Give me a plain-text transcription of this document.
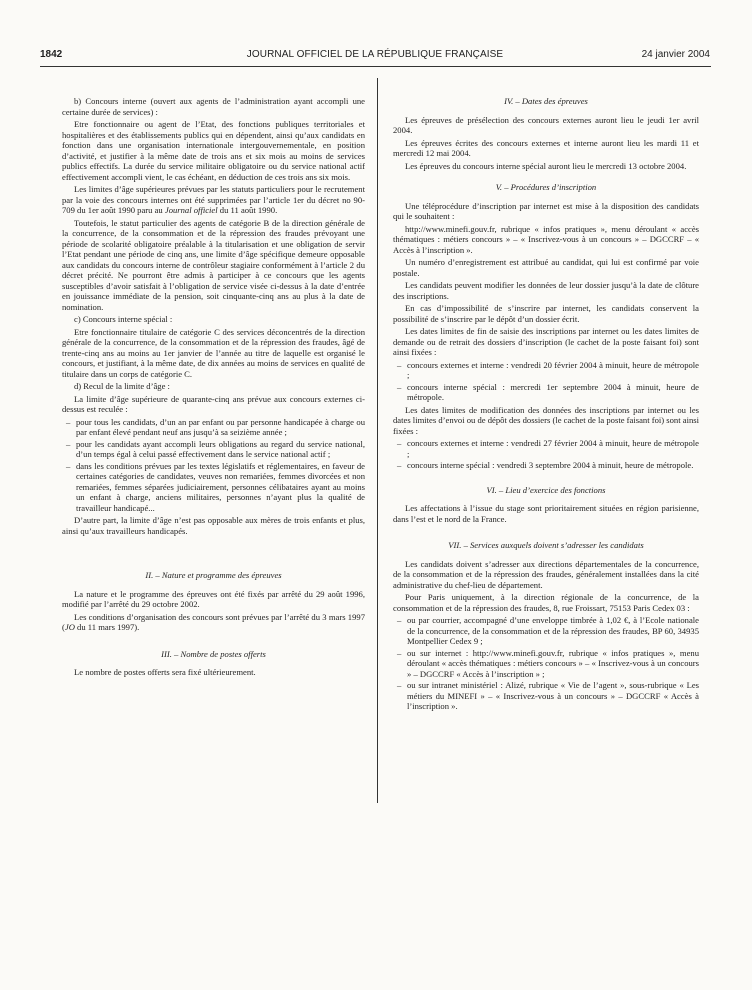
1842	JOURNAL OFFICIEL DE LA RÉPUBLIQUE FRANÇAISE	24 janvier 2004

b) Concours interne (ouvert aux agents de l’administration ayant accompli une certaine durée de services) :

Etre fonctionnaire ou agent de l’Etat, des fonctions publiques territoriales et hospitalières et des établissements publics qui en dépendent, ainsi qu’aux candidats en fonction dans une organisation internationale intergouvernementale, en position d’activité, et justifier à la même date de trois ans et six mois au moins de services publics effectifs. La durée du service militaire obligatoire ou du service national actif effectivement accompli vient, le cas échéant, en déduction de ces trois ans six mois.

Les limites d’âge supérieures prévues par les statuts particuliers pour le recrutement par la voie des concours internes ont été supprimées par l’article 1er du décret no 90-709 du 1er août 1990 paru au Journal officiel du 11 août 1990.

Toutefois, le statut particulier des agents de catégorie B de la direction générale de la concurrence, de la consommation et de la répression des fraudes prévoyant une période de scolarité obligatoire préalable à la titularisation et une obligation de servir l’Etat pendant une période de cinq ans, une limite d’âge spécifique demeure opposable aux candidats du concours interne de contrôleur stagiaire conformément à l’article 2 du décret précité. Ne pourront être admis à participer à ce concours que les agents susceptibles d’avoir satisfait à l’obligation de service visée ci-dessus à la date d’entrée en jouissance immédiate de la pension, soit cinquante-cinq ans au plus à la date de nomination.

c) Concours interne spécial :

Etre fonctionnaire titulaire de catégorie C des services déconcentrés de la direction générale de la concurrence, de la consommation et de la répression des fraudes, âgé de trente-cinq ans au moins au 1er janvier de l’année au titre de laquelle est organisé le concours, et justifiant, à la même date, de dix années au moins de services en qualité de titulaire dans un corps de catégorie C.

d) Recul de la limite d’âge :

La limite d’âge supérieure de quarante-cinq ans prévue aux concours externes ci-dessus est reculée :

– pour tous les candidats, d’un an par enfant ou par personne handicapée à charge ou par enfant élevé pendant neuf ans jusqu’à sa seizième année ;
– pour les candidats ayant accompli leurs obligations au regard du service national, d’un temps égal à celui passé effectivement dans le service national actif ;
– dans les conditions prévues par les textes législatifs et réglementaires, en faveur de certaines catégories de candidates, veuves non remariées, femmes divorcées et non remariées, femmes séparées judiciairement, personnes célibataires ayant au moins un enfant à charge, anciens militaires, personnes n’ayant plus la qualité de travailleur handicapé...

D’autre part, la limite d’âge n’est pas opposable aux mères de trois enfants et plus, ainsi qu’aux travailleurs handicapés.

II. – Nature et programme des épreuves

La nature et le programme des épreuves ont été fixés par arrêté du 29 août 1996, modifié par l’arrêté du 29 octobre 2002.

Les conditions d’organisation des concours sont prévues par l’arrêté du 3 mars 1997 (JO du 11 mars 1997).

III. – Nombre de postes offerts

Le nombre de postes offerts sera fixé ultérieurement.

IV. – Dates des épreuves

Les épreuves de présélection des concours externes auront lieu le jeudi 1er avril 2004.

Les épreuves écrites des concours externes et interne auront lieu les mardi 11 et mercredi 12 mai 2004.

Les épreuves du concours interne spécial auront lieu le mercredi 13 octobre 2004.

V. – Procédures d’inscription

Une téléprocédure d’inscription par internet est mise à la disposition des candidats qui le souhaitent :

http://www.minefi.gouv.fr, rubrique « infos pratiques », menu déroulant « accès thématiques : métiers concours » – « Inscrivez-vous à un concours » – DGCCRF – « Accès à l’inscription ».

Un numéro d’enregistrement est attribué au candidat, qui lui est confirmé par voie postale.

Les candidats peuvent modifier les données de leur dossier jusqu’à la date de clôture des inscriptions.

En cas d’impossibilité de s’inscrire par internet, les candidats conservent la possibilité de s’inscrire par le dépôt d’un dossier écrit.

Les dates limites de fin de saisie des inscriptions par internet ou les dates limites de demande ou de retrait des dossiers d’inscription (le cachet de la poste faisant foi) sont ainsi fixées :

– concours externes et interne : vendredi 20 février 2004 à minuit, heure de métropole ;
– concours interne spécial : mercredi 1er septembre 2004 à minuit, heure de métropole.

Les dates limites de modification des données des inscriptions par internet ou les dates limites d’envoi ou de dépôt des dossiers (le cachet de la poste faisant foi) sont ainsi fixées :

– concours externes et interne : vendredi 27 février 2004 à minuit, heure de métropole ;
– concours interne spécial : vendredi 3 septembre 2004 à minuit, heure de métropole.

VI. – Lieu d’exercice des fonctions

Les affectations à l’issue du stage sont prioritairement situées en région parisienne, dans l’est et le nord de la France.

VII. – Services auxquels doivent s’adresser les candidats

Les candidats doivent s’adresser aux directions départementales de la concurrence, de la consommation et de la répression des fraudes, généralement installées dans la cité administrative du chef-lieu de département.

Pour Paris uniquement, à la direction régionale de la concurrence, de la consommation et de la répression des fraudes, 8, rue Froissart, 75153 Paris Cedex 03 :

– ou par courrier, accompagné d’une enveloppe timbrée à 1,02 €, à l’Ecole nationale de la concurrence, de la consommation et de la répression des fraudes, BP 60, 34935 Montpellier Cedex 9 ;
– ou sur internet : http://www.minefi.gouv.fr, rubrique « infos pratiques », menu déroulant « accès thématiques : métiers concours » – « Inscrivez-vous à un concours » – DGCCRF « Accès à l’inscription » ;
– ou sur intranet ministériel : Alizé, rubrique « Vie de l’agent », sous-rubrique « Les métiers du MINEFI » – « Inscrivez-vous à un concours » – DGCCRF « Accès à l’inscription ».
